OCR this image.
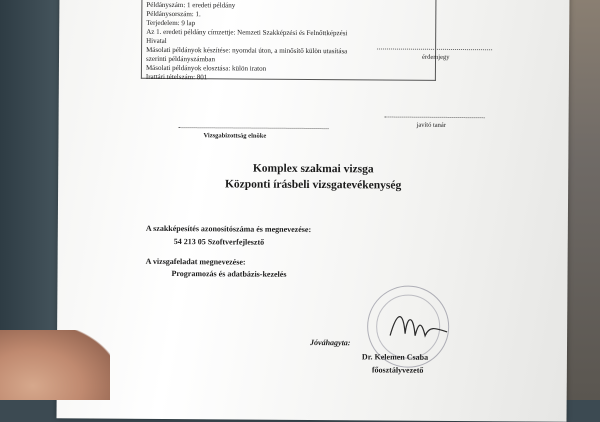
Példányszám: 1 eredeti példány
Példánysorszám: 1.
Terjedelem: 9 lap
Az 1. eredeti példány címzettje: Nemzeti Szakképzési és Felnőttképzési
Hivatal
Másolati példányok készítése: nyomdai úton, a minősítő külön utasítása
szerinti példányszámban
Másolati példányok elosztása: külön iraton
Irattári tételszám: 801
érdemjegy
Vizsgabizottság elnöke
javító tanár
Komplex szakmai vizsga
Központi írásbeli vizsgatevékenység
A szakképesítés azonosítószáma és megnevezése:
54 213 05 Szoftverfejlesztő
A vizsgafeladat megnevezése:
Programozás és adatbázis-kezelés
Jóváhagyta:
Dr. Kelemen Csaba
főosztályvezető
